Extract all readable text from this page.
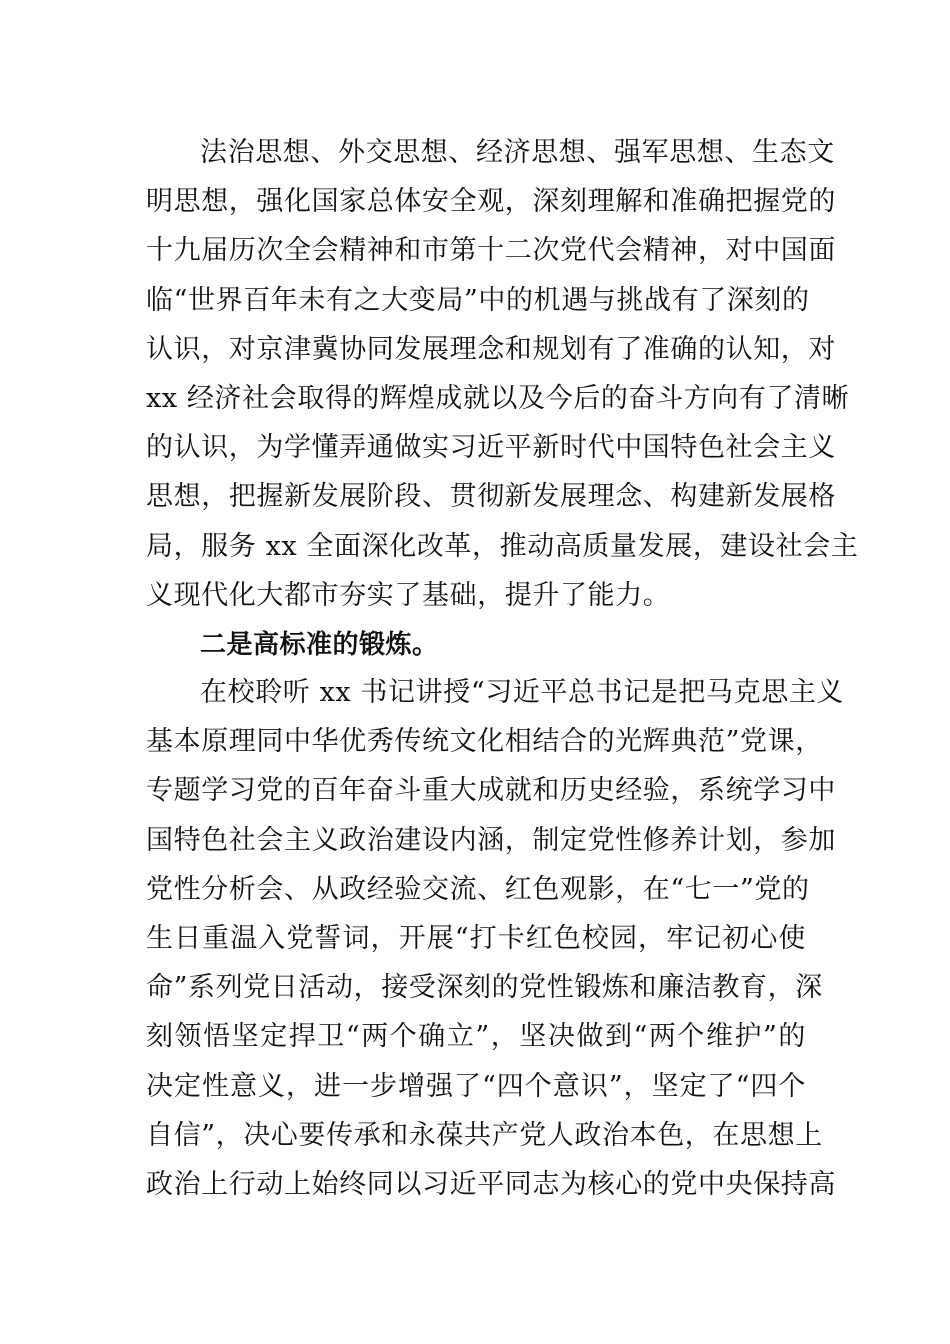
法治思想、外交思想、经济思想、强军思想、生态文
明思想，强化国家总体安全观，深刻理解和准确把握党的
十九届历次全会精神和市第十二次党代会精神，对中国面
临“世界百年未有之大变局”中的机遇与挑战有了深刻的
认识，对京津冀协同发展理念和规划有了准确的认知，对
xx 经济社会取得的辉煌成就以及今后的奋斗方向有了清晰
的认识，为学懂弄通做实习近平新时代中国特色社会主义
思想，把握新发展阶段、贯彻新发展理念、构建新发展格
局，服务 xx 全面深化改革，推动高质量发展，建设社会主
义现代化大都市夯实了基础，提升了能力。
二是高标准的锻炼。
在校聆听 xx 书记讲授“习近平总书记是把马克思主义
基本原理同中华优秀传统文化相结合的光辉典范”党课，
专题学习党的百年奋斗重大成就和历史经验，系统学习中
国特色社会主义政治建设内涵，制定党性修养计划，参加
党性分析会、从政经验交流、红色观影，在“七一”党的
生日重温入党誓词，开展“打卡红色校园，牢记初心使
命”系列党日活动，接受深刻的党性锻炼和廉洁教育，深
刻领悟坚定捍卫“两个确立”，坚决做到“两个维护”的
决定性意义，进一步增强了“四个意识”，坚定了“四个
自信”，决心要传承和永葆共产党人政治本色，在思想上
政治上行动上始终同以习近平同志为核心的党中央保持高
